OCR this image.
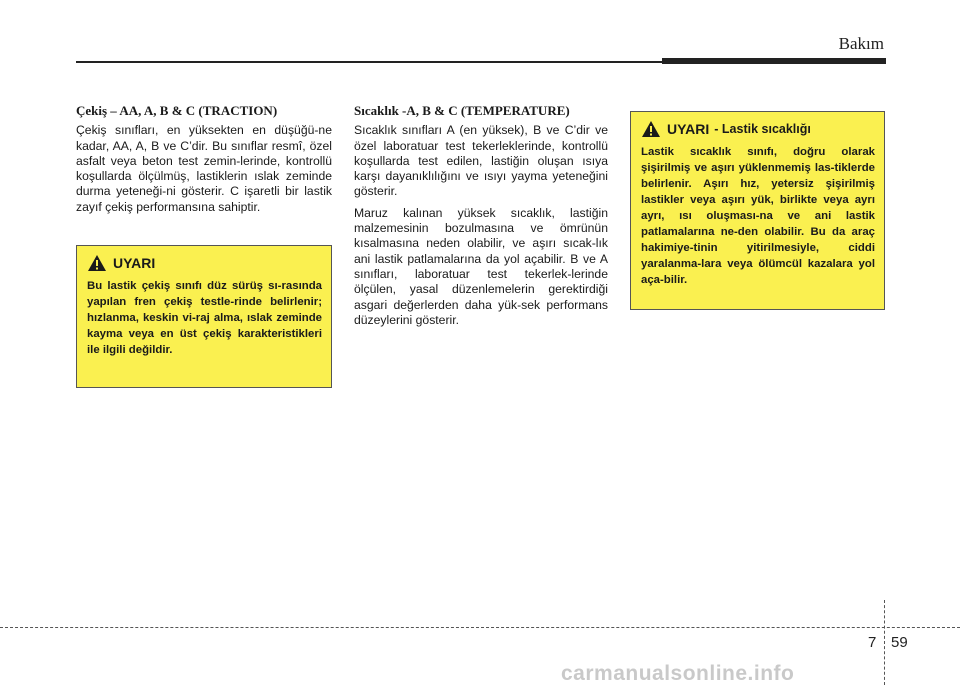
Bakım

Çekiş – AA, A, B & C (TRACTION)

Çekiş sınıfları, en yüksekten en düşüğü-ne kadar, AA, A, B ve C’dir. Bu sınıflar resmî, özel asfalt veya beton test zemin-lerinde, kontrollü koşullarda ölçülmüş, lastiklerin ıslak zeminde durma yeteneği-ni gösterir. C işaretli bir lastik zayıf çekiş performansına sahiptir.

UYARI
Bu lastik çekiş sınıfı düz sürüş sı-rasında yapılan fren çekiş testle-rinde belirlenir; hızlanma, keskin vi-raj alma, ıslak zeminde kayma veya en üst çekiş karakteristikleri ile ilgili değildir.

Sıcaklık -A, B & C (TEMPERATURE)

Sıcaklık sınıfları A (en yüksek), B ve C’dir ve özel laboratuar test tekerleklerinde, kontrollü koşullarda test edilen, lastiğin oluşan ısıya karşı dayanıklılığını ve ısıyı yayma yeteneğini gösterir.

Maruz kalınan yüksek sıcaklık, lastiğin malzemesinin bozulmasına ve ömrünün kısalmasına neden olabilir, ve aşırı sıcak-lık ani lastik patlamalarına da yol açabilir. B ve A sınıfları, laboratuar test tekerlek-lerinde ölçülen, yasal düzenlemelerin gerektirdiği asgari değerlerden daha yük-sek performans düzeylerini gösterir.

UYARI - Lastik sıcaklığı
Lastik sıcaklık sınıfı, doğru olarak şişirilmiş ve aşırı yüklenmemiş las-tiklerde belirlenir. Aşırı hız, yetersiz şişirilmiş lastikler veya aşırı yük, birlikte veya ayrı ayrı, ısı oluşması-na ve ani lastik patlamalarına ne-den olabilir. Bu da araç hakimiye-tinin yitirilmesiyle, ciddi yaralanma-lara veya ölümcül kazalara yol aça-bilir.
7 59
carmanualsonline.info
